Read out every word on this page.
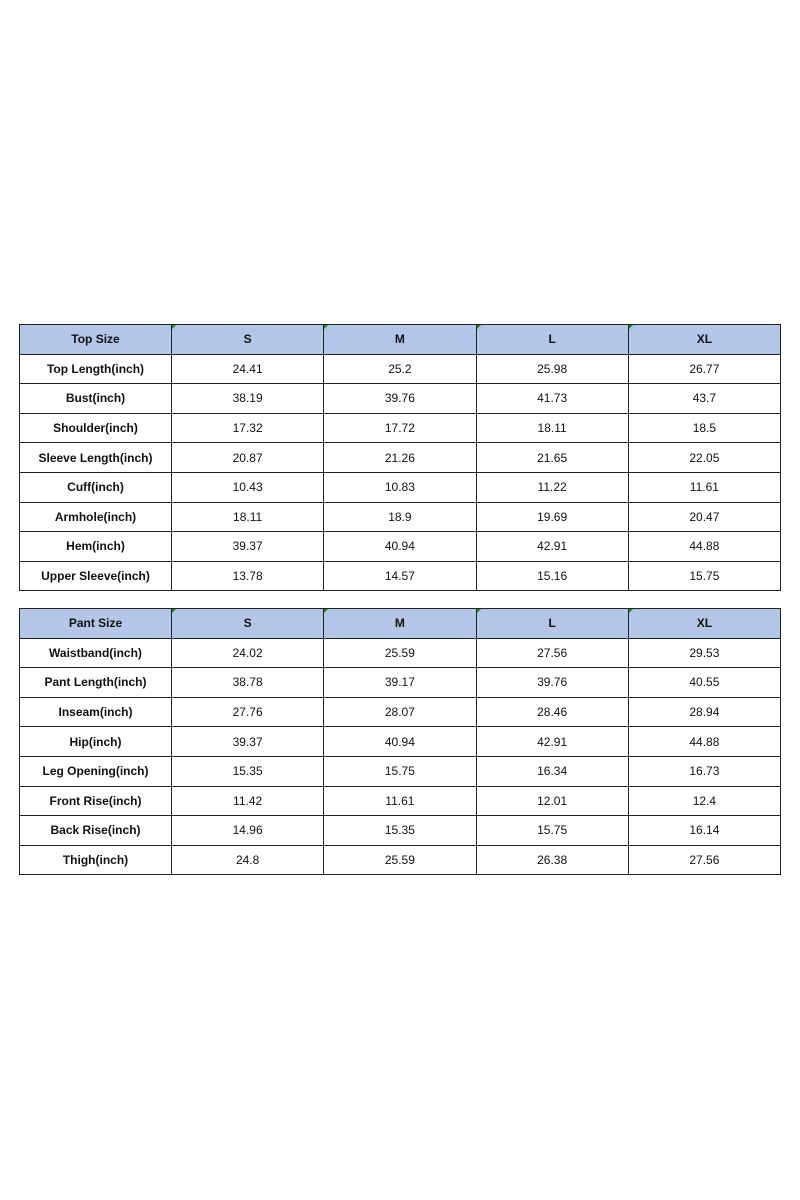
Top Size	S	M	L	XL
Top Length(inch)	24.41	25.2	25.98	26.77
Bust(inch)	38.19	39.76	41.73	43.7
Shoulder(inch)	17.32	17.72	18.11	18.5
Sleeve Length(inch)	20.87	21.26	21.65	22.05
Cuff(inch)	10.43	10.83	11.22	11.61
Armhole(inch)	18.11	18.9	19.69	20.47
Hem(inch)	39.37	40.94	42.91	44.88
Upper Sleeve(inch)	13.78	14.57	15.16	15.75
Pant Size	S	M	L	XL
Waistband(inch)	24.02	25.59	27.56	29.53
Pant Length(inch)	38.78	39.17	39.76	40.55
Inseam(inch)	27.76	28.07	28.46	28.94
Hip(inch)	39.37	40.94	42.91	44.88
Leg Opening(inch)	15.35	15.75	16.34	16.73
Front Rise(inch)	11.42	11.61	12.01	12.4
Back Rise(inch)	14.96	15.35	15.75	16.14
Thigh(inch)	24.8	25.59	26.38	27.56
